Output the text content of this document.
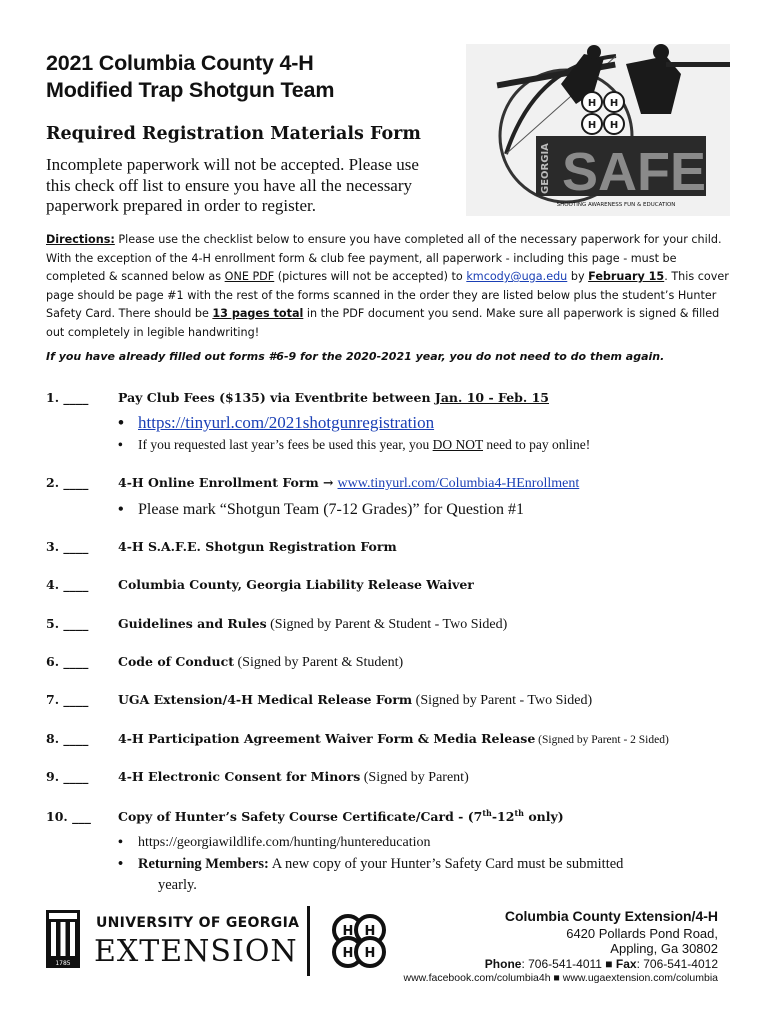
2021 Columbia County 4-H
Modified Trap Shotgun Team
Required Registration Materials Form
Incomplete paperwork will not be accepted. Please use this check off list to ensure you have all the necessary paperwork prepared in order to register.
H H
H H
GEORGIA SAFE
SHOOTING AWARENESS FUN & EDUCATION
Directions: Please use the checklist below to ensure you have completed all of the necessary paperwork for your child. With the exception of the 4-H enrollment form & club fee payment, all paperwork - including this page - must be completed & scanned below as ONE PDF (pictures will not be accepted) to kmcody@uga.edu by February 15. This cover page should be page #1 with the rest of the forms scanned in the order they are listed below plus the student’s Hunter Safety Card. There should be 13 pages total in the PDF document you send. Make sure all paperwork is signed & filled out completely in legible handwriting!
If you have already filled out forms #6-9 for the 2020-2021 year, you do not need to do them again.
1. ____ Pay Club Fees ($135) via Eventbrite between Jan. 10 - Feb. 15
• https://tinyurl.com/2021shotgunregistration
• If you requested last year’s fees be used this year, you DO NOT need to pay online!
2. ____ 4-H Online Enrollment Form → www.tinyurl.com/Columbia4-HEnrollment
• Please mark “Shotgun Team (7-12 Grades)” for Question #1
3. ____ 4-H S.A.F.E. Shotgun Registration Form
4. ____ Columbia County, Georgia Liability Release Waiver
5. ____ Guidelines and Rules (Signed by Parent & Student - Two Sided)
6. ____ Code of Conduct (Signed by Parent & Student)
7. ____ UGA Extension/4-H Medical Release Form (Signed by Parent - Two Sided)
8. ____ 4-H Participation Agreement Waiver Form & Media Release (Signed by Parent - 2 Sided)
9. ____ 4-H Electronic Consent for Minors (Signed by Parent)
10. ___ Copy of Hunter’s Safety Course Certificate/Card - (7th-12th only)
• https://georgiawildlife.com/hunting/huntereducation
• Returning Members: A new copy of your Hunter’s Safety Card must be submitted
yearly.
1785
UNIVERSITY OF GEORGIA
EXTENSION
H H
H H
Columbia County Extension/4-H
6420 Pollards Pond Road,
Appling, Ga 30802
Phone: 706-541-4011 ■ Fax: 706-541-4012
www.facebook.com/columbia4h ■ www.ugaextension.com/columbia
